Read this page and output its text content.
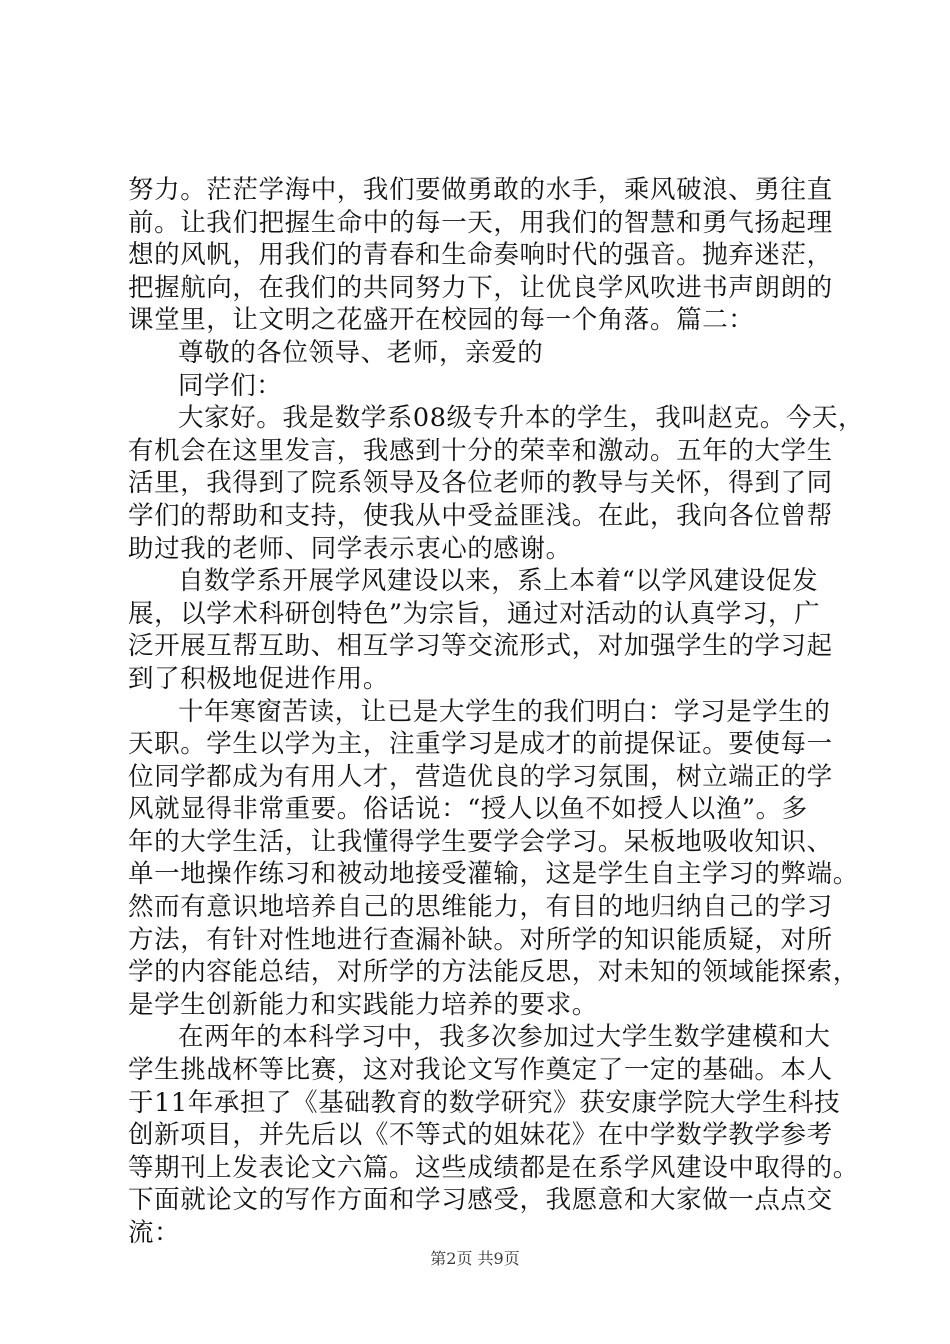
努力。茫茫学海中，我们要做勇敢的水手，乘风破浪、勇往直
前。让我们把握生命中的每一天，用我们的智慧和勇气扬起理
想的风帆，用我们的青春和生命奏响时代的强音。抛弃迷茫，
把握航向，在我们的共同努力下，让优良学风吹进书声朗朗的
课堂里，让文明之花盛开在校园的每一个角落。篇二：
尊敬的各位领导、老师，亲爱的
同学们：
大家好。我是数学系08级专升本的学生，我叫赵克。今天，
有机会在这里发言，我感到十分的荣幸和激动。五年的大学生
活里，我得到了院系领导及各位老师的教导与关怀，得到了同
学们的帮助和支持，使我从中受益匪浅。在此，我向各位曾帮
助过我的老师、同学表示衷心的感谢。
自数学系开展学风建设以来，系上本着“以学风建设促发
展，以学术科研创特色”为宗旨，通过对活动的认真学习，广
泛开展互帮互助、相互学习等交流形式，对加强学生的学习起
到了积极地促进作用。
十年寒窗苦读，让已是大学生的我们明白：学习是学生的
天职。学生以学为主，注重学习是成才的前提保证。要使每一
位同学都成为有用人才，营造优良的学习氛围，树立端正的学
风就显得非常重要。俗话说：“授人以鱼不如授人以渔”。多
年的大学生活，让我懂得学生要学会学习。呆板地吸收知识、
单一地操作练习和被动地接受灌输，这是学生自主学习的弊端。
然而有意识地培养自己的思维能力，有目的地归纳自己的学习
方法，有针对性地进行查漏补缺。对所学的知识能质疑，对所
学的内容能总结，对所学的方法能反思，对未知的领域能探索，
是学生创新能力和实践能力培养的要求。
在两年的本科学习中，我多次参加过大学生数学建模和大
学生挑战杯等比赛，这对我论文写作奠定了一定的基础。本人
于11年承担了《基础教育的数学研究》获安康学院大学生科技
创新项目，并先后以《不等式的姐妹花》在中学数学教学参考
等期刊上发表论文六篇。这些成绩都是在系学风建设中取得的。
下面就论文的写作方面和学习感受，我愿意和大家做一点点交
流：
第2页 共9页
